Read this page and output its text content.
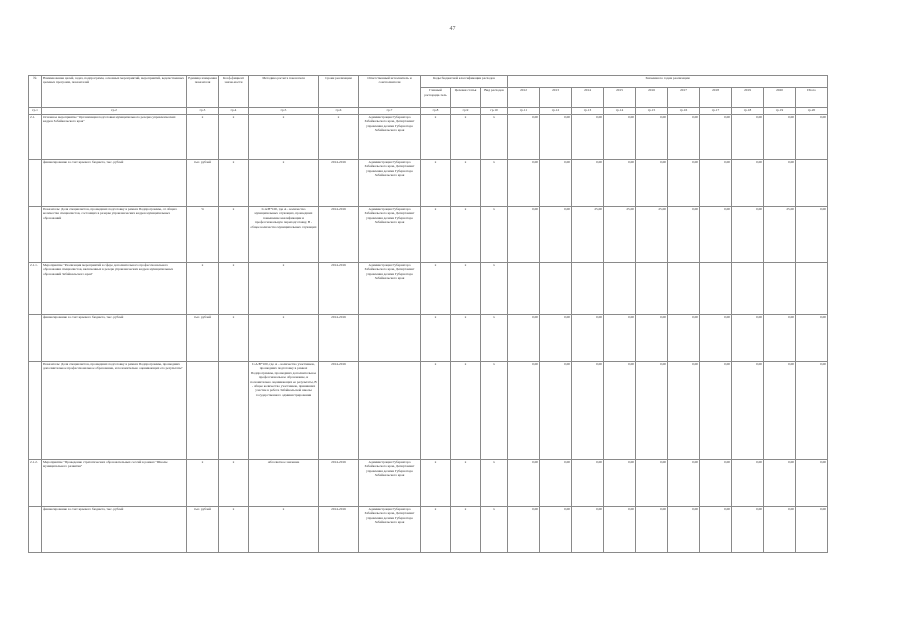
47
№	Наименование целей, задач, подпрограмм, основных мероприятий, мероприятий, ведомственных целевых программ, показателей	Единица измерения показателя	Коэф-фициент значи-мости	Методика расчета показателя	Сроки реализации	Ответственный исполнитель и соисполнители	Коды бюджетной классификации расходов			Значения по годам реализации									
							Главный распоряди-тель	Целевая статья	Вид расходов	2012	2013	2014	2015	2016	2017	2018	2019	2020	Итого
гр.1	гр.2	гр.3	гр.4	гр.5	гр.6	гр.7	гр.8	гр.9	гр.10	гр.11	гр.12	гр.13	гр.14	гр.15	гр.16	гр.17	гр.18	гр.19	гр.20
2.1.	Основное мероприятие "Организация подготовки муниципального резерва управленческих кадров Забайкальского края"	х	х	х	х	Администрация Губернатора Забайкальского края, Департамент управления делами Губернатора Забайкальского края	х	х	х	0,00	0,00	0,00	0,00	0,00	0,00	0,00	0,00	0,00	0,00
	финансирование за счет краевого бюджета, тыс. рублей	тыс. рублей	х	х	2014-2016	Администрация Губернатора Забайкальского края, Департамент управления делами Губернатора Забайкальского края	х	х	х	0,00	0,00	0,00	0,00	0,00	0,00	0,00	0,00	0,00	
	Показатель: Доля специалистов, прошедших подготовку в рамках Подпрограммы, от общего количества специалистов, состоящих в резерве управленческих кадров муниципальных образований	%	х	I=A/B*100, где А - количество муниципальных служащих, прошедших повышение квалификации и профессиональную переподготовку, В - общее количество муниципальных служащих	2014-2016	Администрация Губернатора Забайкальского края, Департамент управления делами Губернатора Забайкальского края	х	х	х	0,00	0,00	25,00	25,00	25,00	0,00	0,00	0,00	25,00	0,00
2.1.1.	Мероприятие "Реализация мероприятий в сфере дополнительного профессионального образования специалистов, включенных в резерв управленческих кадров муниципальных образований Забайкальского края"	х	х	х	2014-2016	Администрация Губернатора Забайкальского края, Департамент управления делами Губернатора Забайкальского края	х	х	х										
	финансирование за счет краевого бюджета, тыс. рублей	тыс. рублей	х	х	2014-2016		х	х	х	0,00	0,00	0,00	0,00	0,00	0,00	0,00	0,00	0,00	0,00
	Показатель: Доля специалистов, прошедших подготовку в рамках Подпрограммы, прошедших дополнительное профессиональное образование, и положительно оценивающих его результаты"			I=A/B*100, где А – количество участников, прошедших подготовку в рамках Подпрограммы, прошедших дополнительное профессиональное образование, и положительно оценивающих ее результаты, В - общее количество участников, принявших участие в работе Забайкальской школы государственного администрирования	2014-2016		х	х	х	0,00	0,00	0,00	0,00	0,00	0,00	0,00	0,00	0,00	0,00
2.1.2.	Мероприятие "Проведение стратегических образовательных сессий в рамках "Школы муниципального развития"	х	х	Абсолютное значение	2014-2016	Администрация Губернатора Забайкальского края, Департамент управления делами Губернатора Забайкальского края	х	х	х	0,00	0,00	0,00	0,00	0,00	0,00	0,00	0,00	0,00	0,00
	финансирование за счет краевого бюджета, тыс. рублей	тыс. рублей	х	х	2014-2016	Администрация Губернатора Забайкальского края, Департамент управления делами Губернатора Забайкальского края	х	х	х	0,00	0,00	0,00	0,00	0,00	0,00	0,00	0,00	0,00	0,00
